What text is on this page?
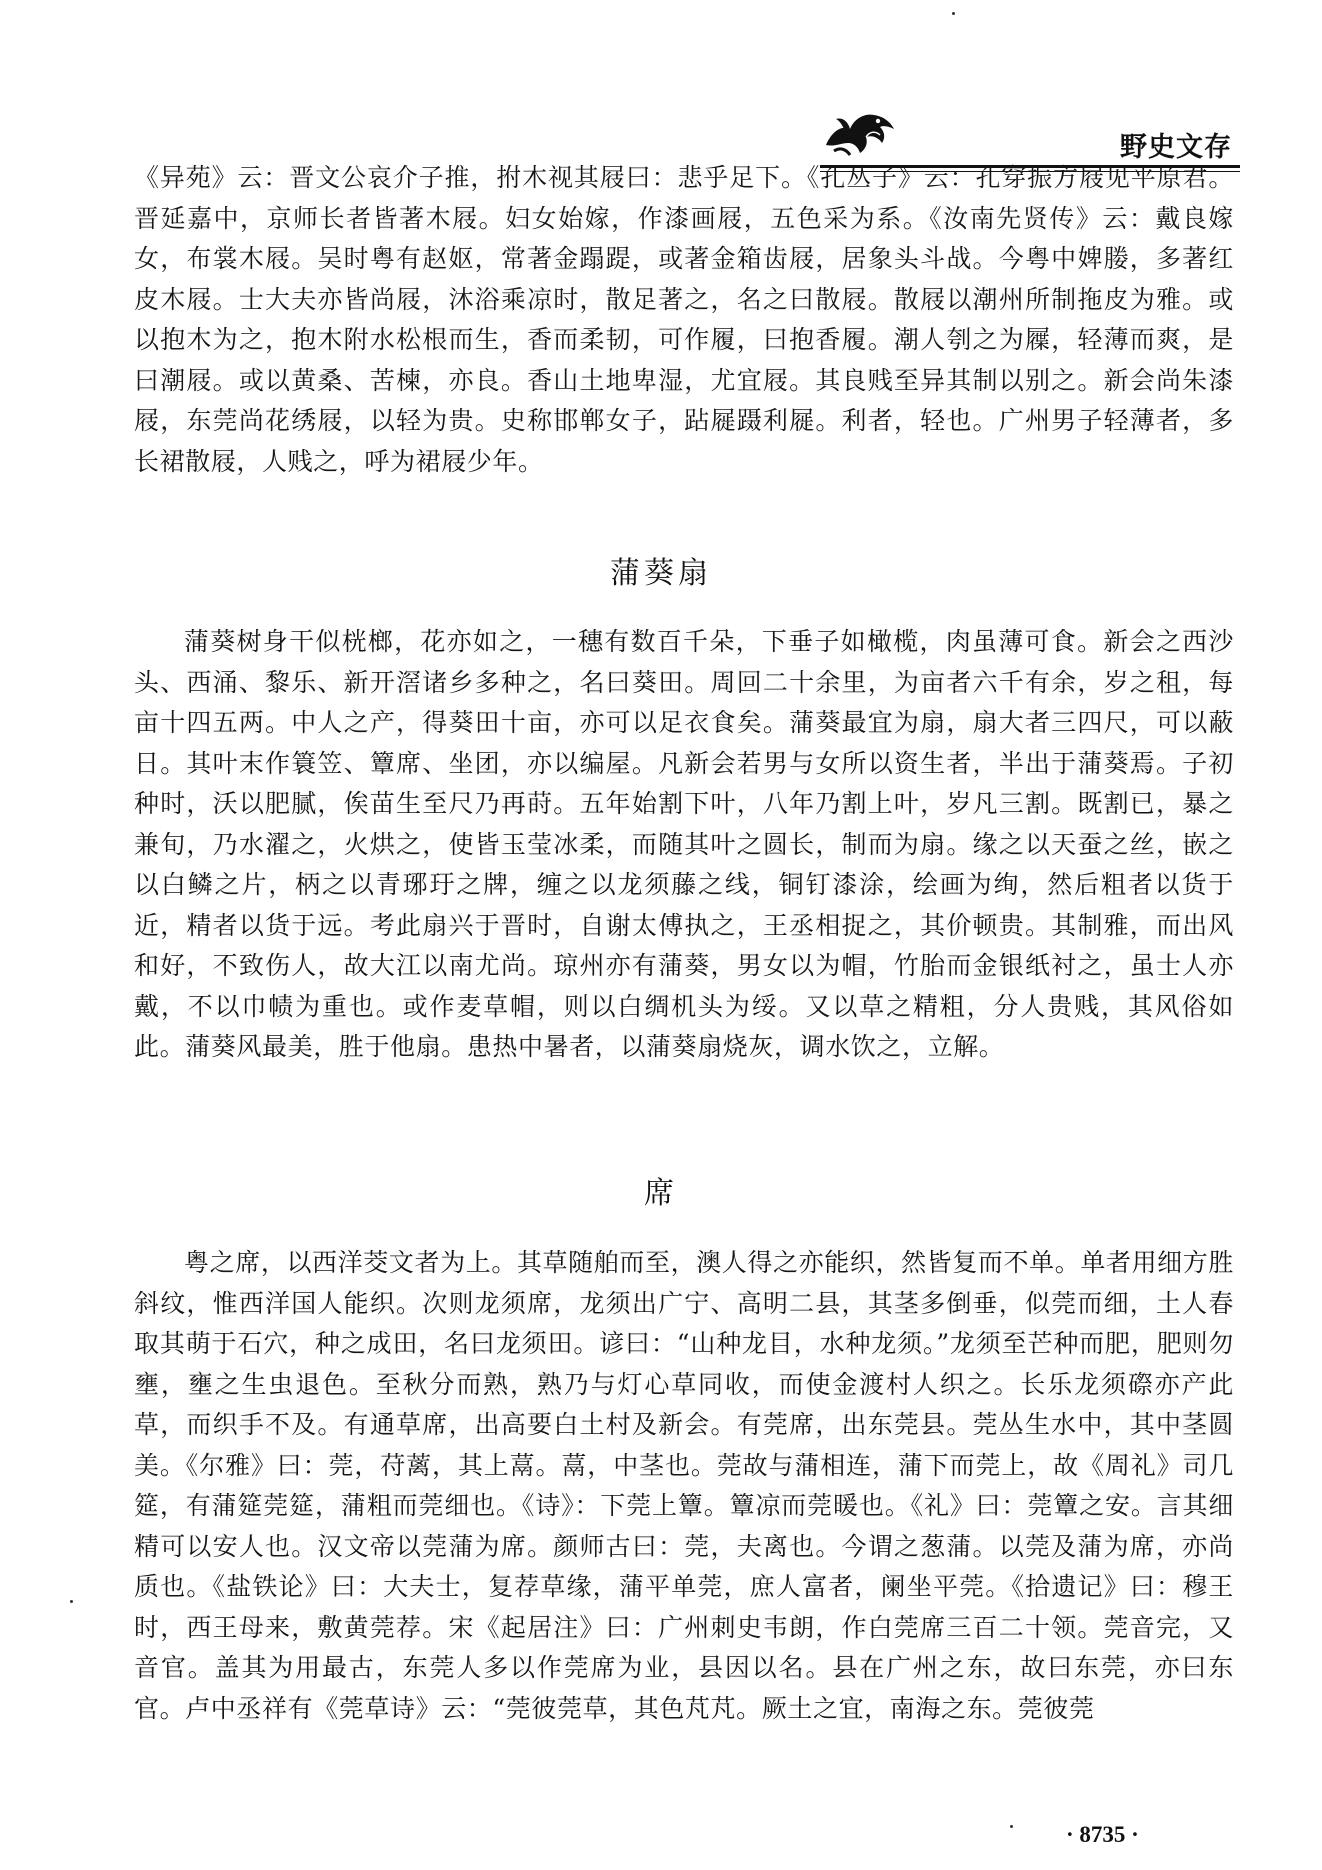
野史文存

《异苑》云：晋文公哀介子推，拊木视其屐曰：悲乎足下。《孔丛子》云：孔穿振方屐见平原君。晋延嘉中，京师长者皆著木屐。妇女始嫁，作漆画屐，五色采为系。《汝南先贤传》云：戴良嫁女，布裳木屐。吴时粤有赵妪，常著金蹋踶，或著金箱齿屐，居象头斗战。今粤中婢媵，多著红皮木屐。士大夫亦皆尚屐，沐浴乘凉时，散足著之，名之曰散屐。散屐以潮州所制拖皮为雅。或以抱木为之，抱木附水松根而生，香而柔韧，可作履，曰抱香履。潮人刳之为屧，轻薄而爽，是曰潮屐。或以黄桑、苦楝，亦良。香山土地卑湿，尤宜屐。其良贱至异其制以别之。新会尚朱漆屐，东莞尚花绣屐，以轻为贵。史称邯郸女子，跕屣蹑利屣。利者，轻也。广州男子轻薄者，多长裙散屐，人贱之，呼为裙屐少年。

蒲葵扇

蒲葵树身干似桄榔，花亦如之，一穗有数百千朵，下垂子如橄榄，肉虽薄可食。新会之西沙头、西涌、黎乐、新开滘诸乡多种之，名曰葵田。周回二十余里，为亩者六千有余，岁之租，每亩十四五两。中人之产，得葵田十亩，亦可以足衣食矣。蒲葵最宜为扇，扇大者三四尺，可以蔽日。其叶末作簑笠、簟席、坐团，亦以编屋。凡新会若男与女所以资生者，半出于蒲葵焉。子初种时，沃以肥腻，俟苗生至尺乃再莳。五年始割下叶，八年乃割上叶，岁凡三割。既割已，暴之兼旬，乃水濯之，火烘之，使皆玉莹冰柔，而随其叶之圆长，制而为扇。缘之以天蚕之丝，嵌之以白鳞之片，柄之以青琊玗之牌，缠之以龙须藤之线，铜钉漆涂，绘画为绚，然后粗者以货于近，精者以货于远。考此扇兴于晋时，自谢太傅执之，王丞相捉之，其价顿贵。其制雅，而出风和好，不致伤人，故大江以南尤尚。琼州亦有蒲葵，男女以为帽，竹胎而金银纸衬之，虽士人亦戴，不以巾帻为重也。或作麦草帽，则以白绸机头为绥。又以草之精粗，分人贵贱，其风俗如此。蒲葵风最美，胜于他扇。患热中暑者，以蒲葵扇烧灰，调水饮之，立解。

席

粤之席，以西洋茭文者为上。其草随舶而至，澳人得之亦能织，然皆复而不单。单者用细方胜斜纹，惟西洋国人能织。次则龙须席，龙须出广宁、高明二县，其茎多倒垂，似莞而细，土人春取其萌于石穴，种之成田，名曰龙须田。谚曰：“山种龙目，水种龙须。”龙须至芒种而肥，肥则勿壅，壅之生虫退色。至秋分而熟，熟乃与灯心草同收，而使金渡村人织之。长乐龙须磜亦产此草，而织手不及。有通草席，出高要白土村及新会。有莞席，出东莞县。莞丛生水中，其中茎圆美。《尔雅》曰：莞，苻蓠，其上蒚。蒚，中茎也。莞故与蒲相连，蒲下而莞上，故《周礼》司几筵，有蒲筵莞筵，蒲粗而莞细也。《诗》：下莞上簟。簟凉而莞暖也。《礼》曰：莞簟之安。言其细精可以安人也。汉文帝以莞蒲为席。颜师古曰：莞，夫离也。今谓之葱蒲。以莞及蒲为席，亦尚质也。《盐铁论》曰：大夫士，复荐草缘，蒲平单莞，庶人富者，阑坐平莞。《拾遗记》曰：穆王时，西王母来，敷黄莞荐。宋《起居注》曰：广州刺史韦朗，作白莞席三百二十领。莞音完，又音官。盖其为用最古，东莞人多以作莞席为业，县因以名。县在广州之东，故曰东莞，亦曰东官。卢中丞祥有《莞草诗》云：“莞彼莞草，其色芃芃。厥土之宜，南海之东。莞彼莞

· 8735 ·
